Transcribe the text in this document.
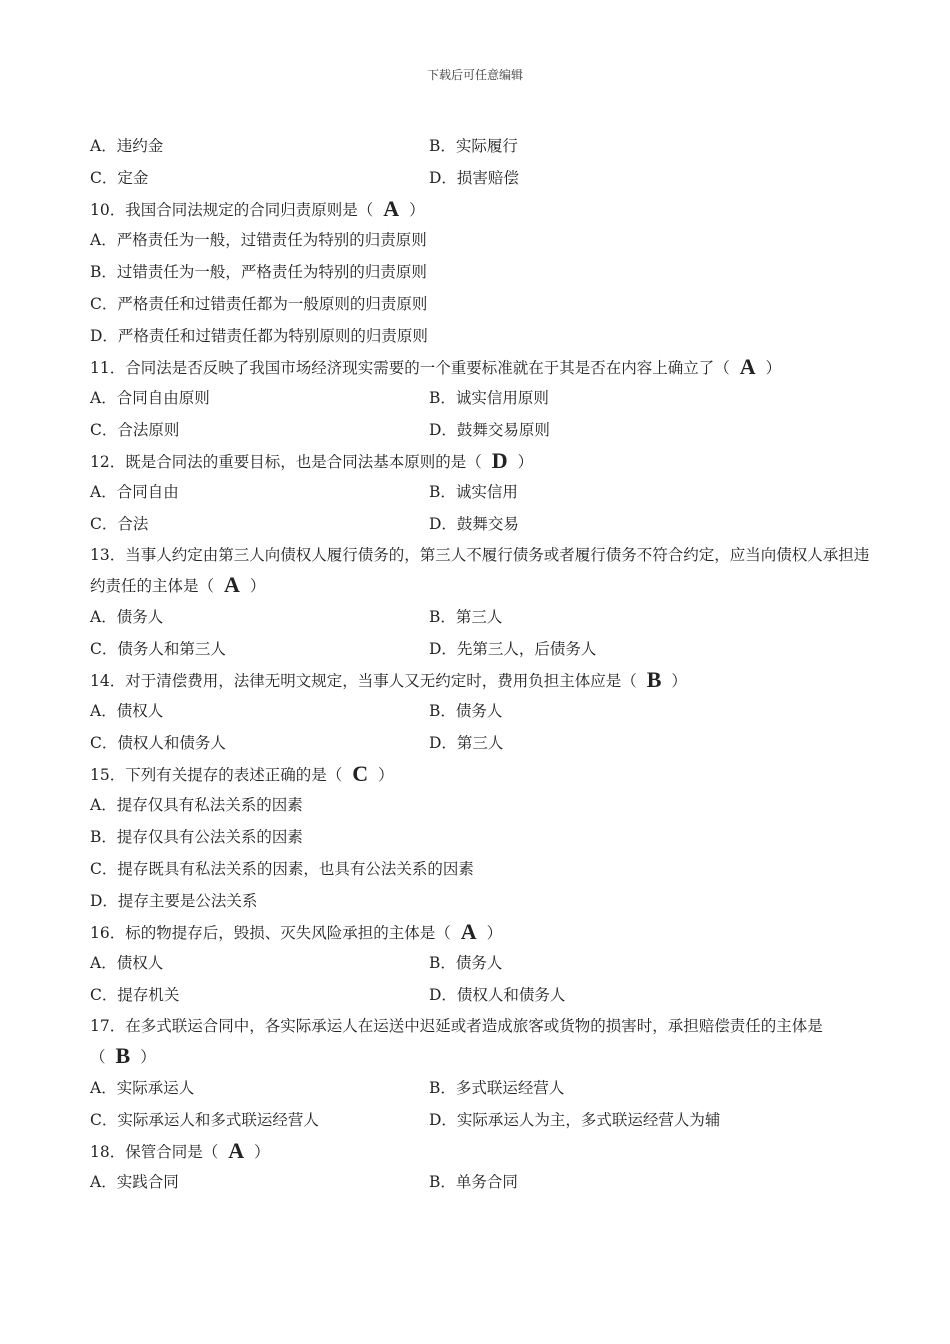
下载后可任意编辑
A．违约金	B．实际履行
C．定金	D．损害赔偿
10．我国合同法规定的合同归责原则是（ A ）
A．严格责任为一般，过错责任为特别的归责原则
B．过错责任为一般，严格责任为特别的归责原则
C．严格责任和过错责任都为一般原则的归责原则
D．严格责任和过错责任都为特别原则的归责原则
11．合同法是否反映了我国市场经济现实需要的一个重要标准就在于其是否在内容上确立了（ A ）
A．合同自由原则	B．诚实信用原则
C．合法原则	D．鼓舞交易原则
12．既是合同法的重要目标，也是合同法基本原则的是（ D ）
A．合同自由	B．诚实信用
C．合法	D．鼓舞交易
13．当事人约定由第三人向债权人履行债务的，第三人不履行债务或者履行债务不符合约定，应当向债权人承担违约责任的主体是（ A ）
A．债务人	B．第三人
C．债务人和第三人	D．先第三人，后债务人
14．对于清偿费用，法律无明文规定，当事人又无约定时，费用负担主体应是（ B ）
A．债权人	B．债务人
C．债权人和债务人	D．第三人
15．下列有关提存的表述正确的是（ C ）
A．提存仅具有私法关系的因素
B．提存仅具有公法关系的因素
C．提存既具有私法关系的因素，也具有公法关系的因素
D．提存主要是公法关系
16．标的物提存后，毁损、灭失风险承担的主体是（ A ）
A．债权人	B．债务人
C．提存机关	D．债权人和债务人
17．在多式联运合同中，各实际承运人在运送中迟延或者造成旅客或货物的损害时，承担赔偿责任的主体是（ B ）
A．实际承运人	B．多式联运经营人
C．实际承运人和多式联运经营人	D．实际承运人为主，多式联运经营人为辅
18．保管合同是（ A ）
A．实践合同	B．单务合同
